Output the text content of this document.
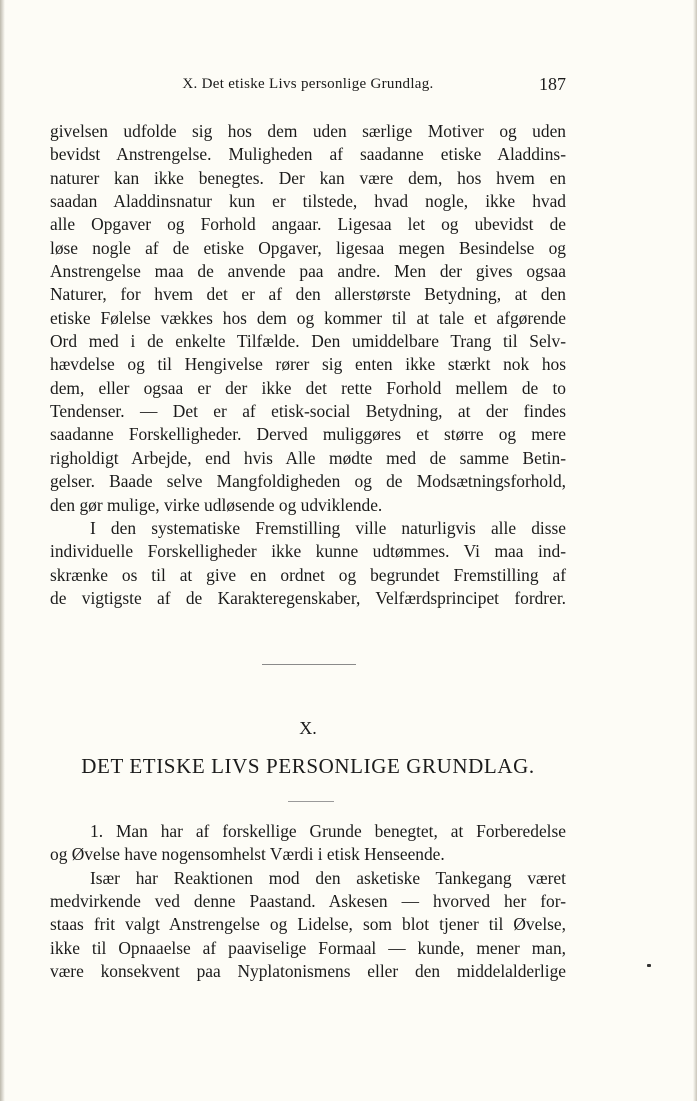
X. Det etiske Livs personlige Grundlag.	187
givelsen udfolde sig hos dem uden særlige Motiver og uden
bevidst Anstrengelse. Muligheden af saadanne etiske Aladdins-
naturer kan ikke benegtes. Der kan være dem, hos hvem en
saadan Aladdinsnatur kun er tilstede, hvad nogle, ikke hvad
alle Opgaver og Forhold angaar. Ligesaa let og ubevidst de
løse nogle af de etiske Opgaver, ligesaa megen Besindelse og
Anstrengelse maa de anvende paa andre. Men der gives ogsaa
Naturer, for hvem det er af den allerstørste Betydning, at den
etiske Følelse vækkes hos dem og kommer til at tale et afgørende
Ord med i de enkelte Tilfælde. Den umiddelbare Trang til Selv-
hævdelse og til Hengivelse rører sig enten ikke stærkt nok hos
dem, eller ogsaa er der ikke det rette Forhold mellem de to
Tendenser. — Det er af etisk-social Betydning, at der findes
saadanne Forskelligheder. Derved muliggøres et større og mere
righoldigt Arbejde, end hvis Alle mødte med de samme Betin-
gelser. Baade selve Mangfoldigheden og de Modsætningsforhold,
den gør mulige, virke udløsende og udviklende.
I den systematiske Fremstilling ville naturligvis alle disse
individuelle Forskelligheder ikke kunne udtømmes. Vi maa ind-
skrænke os til at give en ordnet og begrundet Fremstilling af
de vigtigste af de Karakteregenskaber, Velfærdsprincipet fordrer.
X.
DET ETISKE LIVS PERSONLIGE GRUNDLAG.
1. Man har af forskellige Grunde benegtet, at Forberedelse
og Øvelse have nogensomhelst Værdi i etisk Henseende.
Især har Reaktionen mod den asketiske Tankegang været
medvirkende ved denne Paastand. Askesen — hvorved her for-
staas frit valgt Anstrengelse og Lidelse, som blot tjener til Øvelse,
ikke til Opnaaelse af paaviselige Formaal — kunde, mener man,
være konsekvent paa Nyplatonismens eller den middelalderlige
